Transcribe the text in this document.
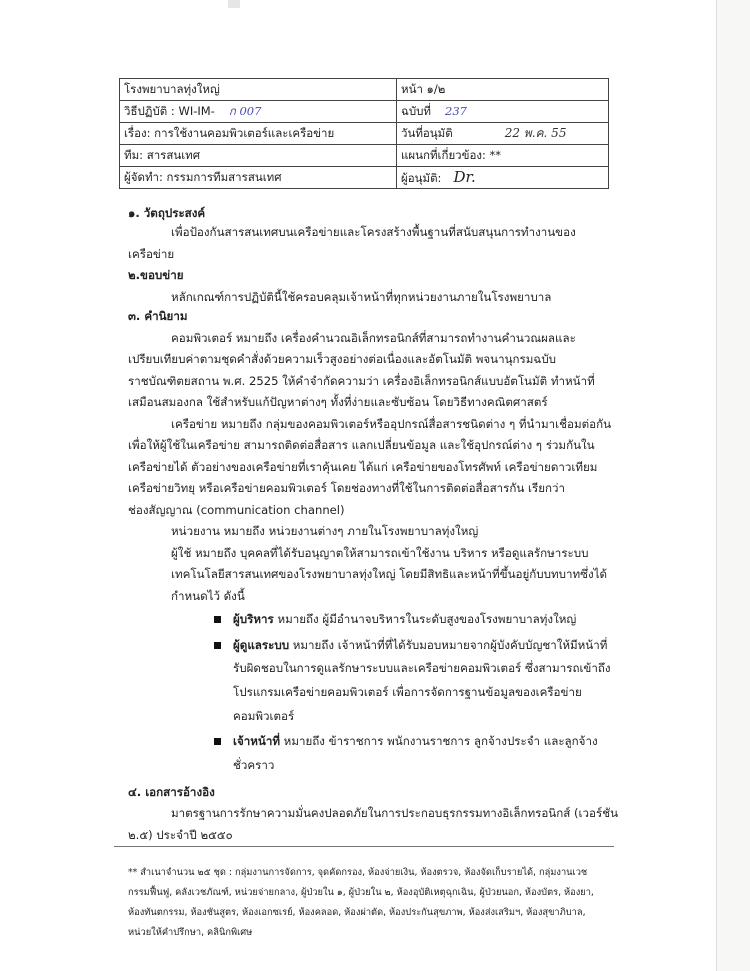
โรงพยาบาลทุ่งใหญ่	หน้า ๑/๒
วิธีปฏิบัติ : WI-IM- ก 007	ฉบับที่ 237
เรื่อง: การใช้งานคอมพิวเตอร์และเครือข่าย	วันที่อนุมัติ 22 พ.ค. 55
ทีม: สารสนเทศ	แผนกที่เกี่ยวข้อง: **
ผู้จัดทำ: กรรมการทีมสารสนเทศ	ผู้อนุมัติ: Dr.
๑. วัตถุประสงค์
เพื่อป้องกันสารสนเทศบนเครือข่ายและโครงสร้างพื้นฐานที่สนับสนุนการทำงานของ
เครือข่าย
๒.ขอบข่าย
หลักเกณฑ์การปฏิบัตินี้ใช้ครอบคลุมเจ้าหน้าที่ทุกหน่วยงานภายในโรงพยาบาล
๓. คำนิยาม
คอมพิวเตอร์ หมายถึง เครื่องคำนวณอิเล็กทรอนิกส์ที่สามารถทำงานคำนวณผลและ
เปรียบเทียบค่าตามชุดคำสั่งด้วยความเร็วสูงอย่างต่อเนื่องและอัตโนมัติ พจนานุกรมฉบับ
ราชบัณฑิตยสถาน พ.ศ. 2525 ให้คำจำกัดความว่า เครื่องอิเล็กทรอนิกส์แบบอัตโนมัติ ทำหน้าที่
เสมือนสมองกล ใช้สำหรับแก้ปัญหาต่างๆ ทั้งที่ง่ายและซับซ้อน โดยวิธีทางคณิตศาสตร์
เครือข่าย หมายถึง กลุ่มของคอมพิวเตอร์หรืออุปกรณ์สื่อสารชนิดต่าง ๆ ที่นำมาเชื่อมต่อกัน
เพื่อให้ผู้ใช้ในเครือข่าย สามารถติดต่อสื่อสาร แลกเปลี่ยนข้อมูล และใช้อุปกรณ์ต่าง ๆ ร่วมกันใน
เครือข่ายได้ ตัวอย่างของเครือข่ายที่เราคุ้นเคย ได้แก่ เครือข่ายของโทรศัพท์ เครือข่ายดาวเทียม
เครือข่ายวิทยุ หรือเครือข่ายคอมพิวเตอร์ โดยช่องทางที่ใช้ในการติดต่อสื่อสารกัน เรียกว่า
ช่องสัญญาณ (communication channel)
หน่วยงาน หมายถึง หน่วยงานต่างๆ ภายในโรงพยาบาลทุ่งใหญ่
ผู้ใช้ หมายถึง บุคคลที่ได้รับอนุญาตให้สามารถเข้าใช้งาน บริหาร หรือดูแลรักษาระบบ
เทคโนโลยีสารสนเทศของโรงพยาบาลทุ่งใหญ่ โดยมีสิทธิและหน้าที่ขึ้นอยู่กับบทบาทซึ่งได้
กำหนดไว้ ดังนี้
ผู้บริหาร หมายถึง ผู้มีอำนาจบริหารในระดับสูงของโรงพยาบาลทุ่งใหญ่
ผู้ดูแลระบบ หมายถึง เจ้าหน้าที่ที่ได้รับมอบหมายจากผู้บังคับบัญชาให้มีหน้าที่
รับผิดชอบในการดูแลรักษาระบบและเครือข่ายคอมพิวเตอร์ ซึ่งสามารถเข้าถึง
โปรแกรมเครือข่ายคอมพิวเตอร์ เพื่อการจัดการฐานข้อมูลของเครือข่าย
คอมพิวเตอร์
เจ้าหน้าที่ หมายถึง ข้าราชการ พนักงานราชการ ลูกจ้างประจำ และลูกจ้าง
ชั่วคราว
๔. เอกสารอ้างอิง
มาตรฐานการรักษาความมั่นคงปลอดภัยในการประกอบธุรกรรมทางอิเล็กทรอนิกส์ (เวอร์ชัน
๒.๕) ประจำปี ๒๕๕๐
** สำเนาจำนวน ๒๕ ชุด : กลุ่มงานการจัดการ, จุดคัดกรอง, ห้องจ่ายเงิน, ห้องตรวจ, ห้องจัดเก็บรายได้, กลุ่มงานเวช
กรรมฟื้นฟู, คลังเวชภัณฑ์, หน่วยจ่ายกลาง, ผู้ป่วยใน ๑, ผู้ป่วยใน ๒, ห้องอุบัติเหตุฉุกเฉิน, ผู้ป่วยนอก, ห้องบัตร, ห้องยา,
ห้องทันตกรรม, ห้องชันสูตร, ห้องเอกซเรย์, ห้องคลอด, ห้องผ่าตัด, ห้องประกันสุขภาพ, ห้องส่งเสริมฯ, ห้องสุขาภิบาล,
หน่วยให้คำปรึกษา, คลินิกพิเศษ
